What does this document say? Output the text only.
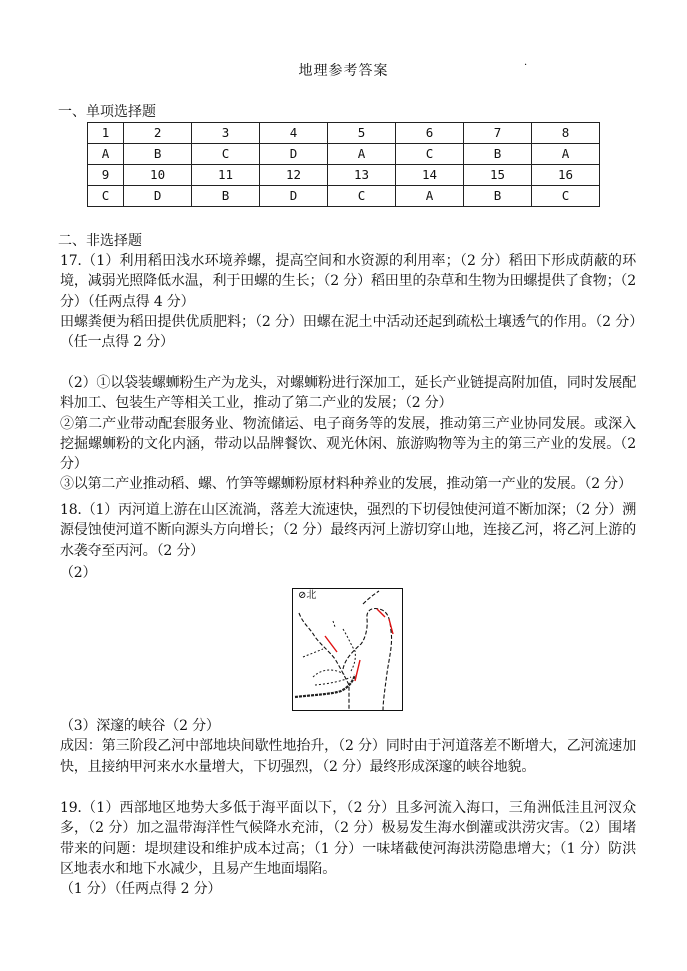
地理参考答案	·
一、单项选择题
1	2	3	4	5	6	7	8
A	B	C	D	A	C	B	A
9	10	11	12	13	14	15	16
C	D	B	D	C	A	B	C
二、非选择题

17.（1）利用稻田浅水环境养螺，提高空间和水资源的利用率；（2 分）稻田下形成荫蔽的环境，减弱光照降低水温，利于田螺的生长；（2 分）稻田里的杂草和生物为田螺提供了食物；（2 分）（任两点得 4 分）

田螺粪便为稻田提供优质肥料；（2 分）田螺在泥土中活动还起到疏松土壤透气的作用。（2 分）（任一点得 2 分）

（2）①以袋装螺蛳粉生产为龙头，对螺蛳粉进行深加工，延长产业链提高附加值，同时发展配料加工、包装生产等相关工业，推动了第二产业的发展；（2 分）

②第二产业带动配套服务业、物流储运、电子商务等的发展，推动第三产业协同发展。或深入挖掘螺蛳粉的文化内涵，带动以品牌餐饮、观光休闲、旅游购物等为主的第三产业的发展。（2 分）

③以第二产业推动稻、螺、竹笋等螺蛳粉原材料种养业的发展，推动第一产业的发展。（2 分）

18.（1）丙河道上游在山区流淌，落差大流速快，强烈的下切侵蚀使河道不断加深；（2 分）溯源侵蚀使河道不断向源头方向增长；（2 分）最终丙河上游切穿山地，连接乙河，将乙河上游的水袭夺至丙河。（2 分）

（2）

⊘北

（3）深邃的峡谷（2 分）

成因：第三阶段乙河中部地块间歇性地抬升，（2 分）同时由于河道落差不断增大，乙河流速加快，且接纳甲河来水水量增大，下切强烈，（2 分）最终形成深邃的峡谷地貌。

19.（1）西部地区地势大多低于海平面以下，（2 分）且多河流入海口，三角洲低洼且河汊众多，（2 分）加之温带海洋性气候降水充沛，（2 分）极易发生海水倒灌或洪涝灾害。（2）围堵带来的问题：堤坝建设和维护成本过高；（1 分）一味堵截使河海洪涝隐患增大；（1 分）防洪区地表水和地下水减少，且易产生地面塌陷。

（1 分）（任两点得 2 分）
